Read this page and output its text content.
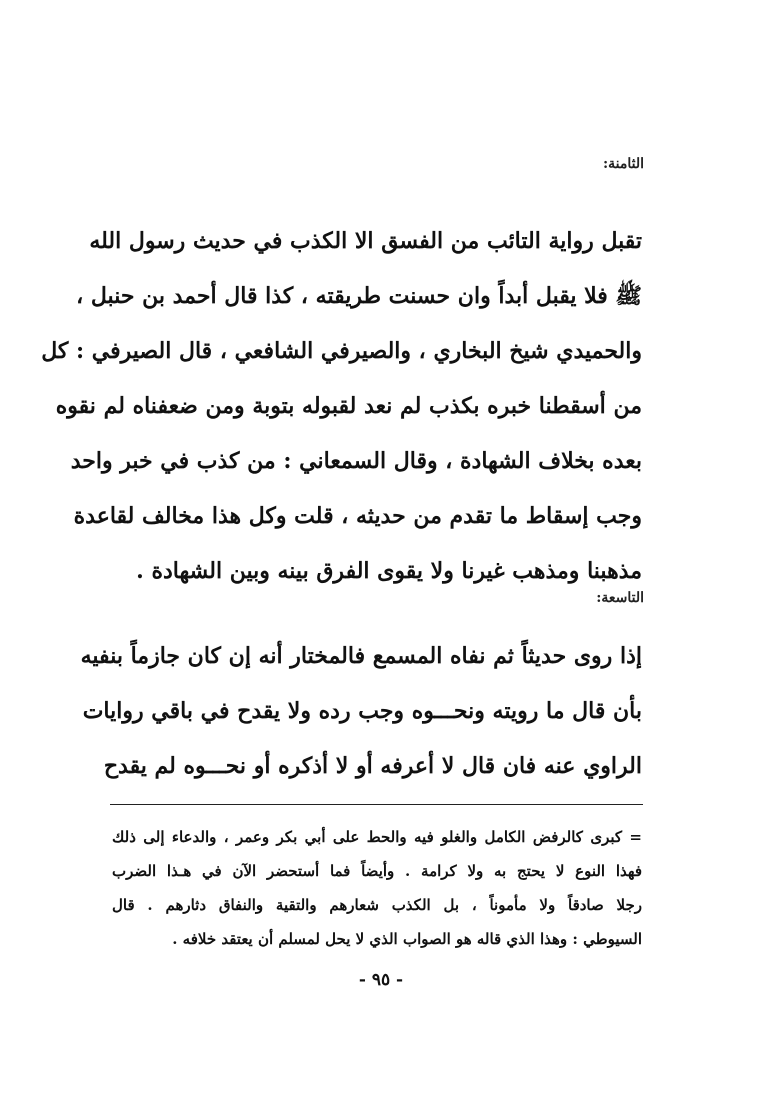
الثامنة:
تقبل رواية التائب من الفسق الا الكذب في حديث رسول الله
ﷺ فلا يقبل أبداً وان حسنت طريقته ، كذا قال أحمد بن حنبل ،
والحميدي شيخ البخاري ، والصيرفي الشافعي ، قال الصيرفي : كل
من أسقطنا خبره بكذب لم نعد لقبوله بتوبة ومن ضعفناه لم نقوه
بعده بخلاف الشهادة ، وقال السمعاني : من كذب في خبر واحد
وجب إسقاط ما تقدم من حديثه ، قلت وكل هذا مخالف لقاعدة
مذهبنا ومذهب غيرنا ولا يقوى الفرق بينه وبين الشهادة .
التاسعة:
إذا روى حديثاً ثم نفاه المسمع فالمختار أنه إن كان جازماً بنفيه
بأن قال ما رويته ونحـــوه وجب رده ولا يقدح في باقي روايات
الراوي عنه فان قال لا أعرفه أو لا أذكره أو نحـــوه لم يقدح
= كبرى كالرفض الكامل والغلو فيه والحط على أبي بكر وعمر ، والدعاء إلى ذلك
فهذا النوع لا يحتج به ولا كرامة . وأيضاً فما أستحضر الآن في هـذا الضرب
رجلا صادقاً ولا مأموناً ، بل الكذب شعارهم والتقية والنفاق دثارهم . قال
السيوطي : وهذا الذي قاله هو الصواب الذي لا يحل لمسلم أن يعتقد خلافه .
- ٩٥ -
